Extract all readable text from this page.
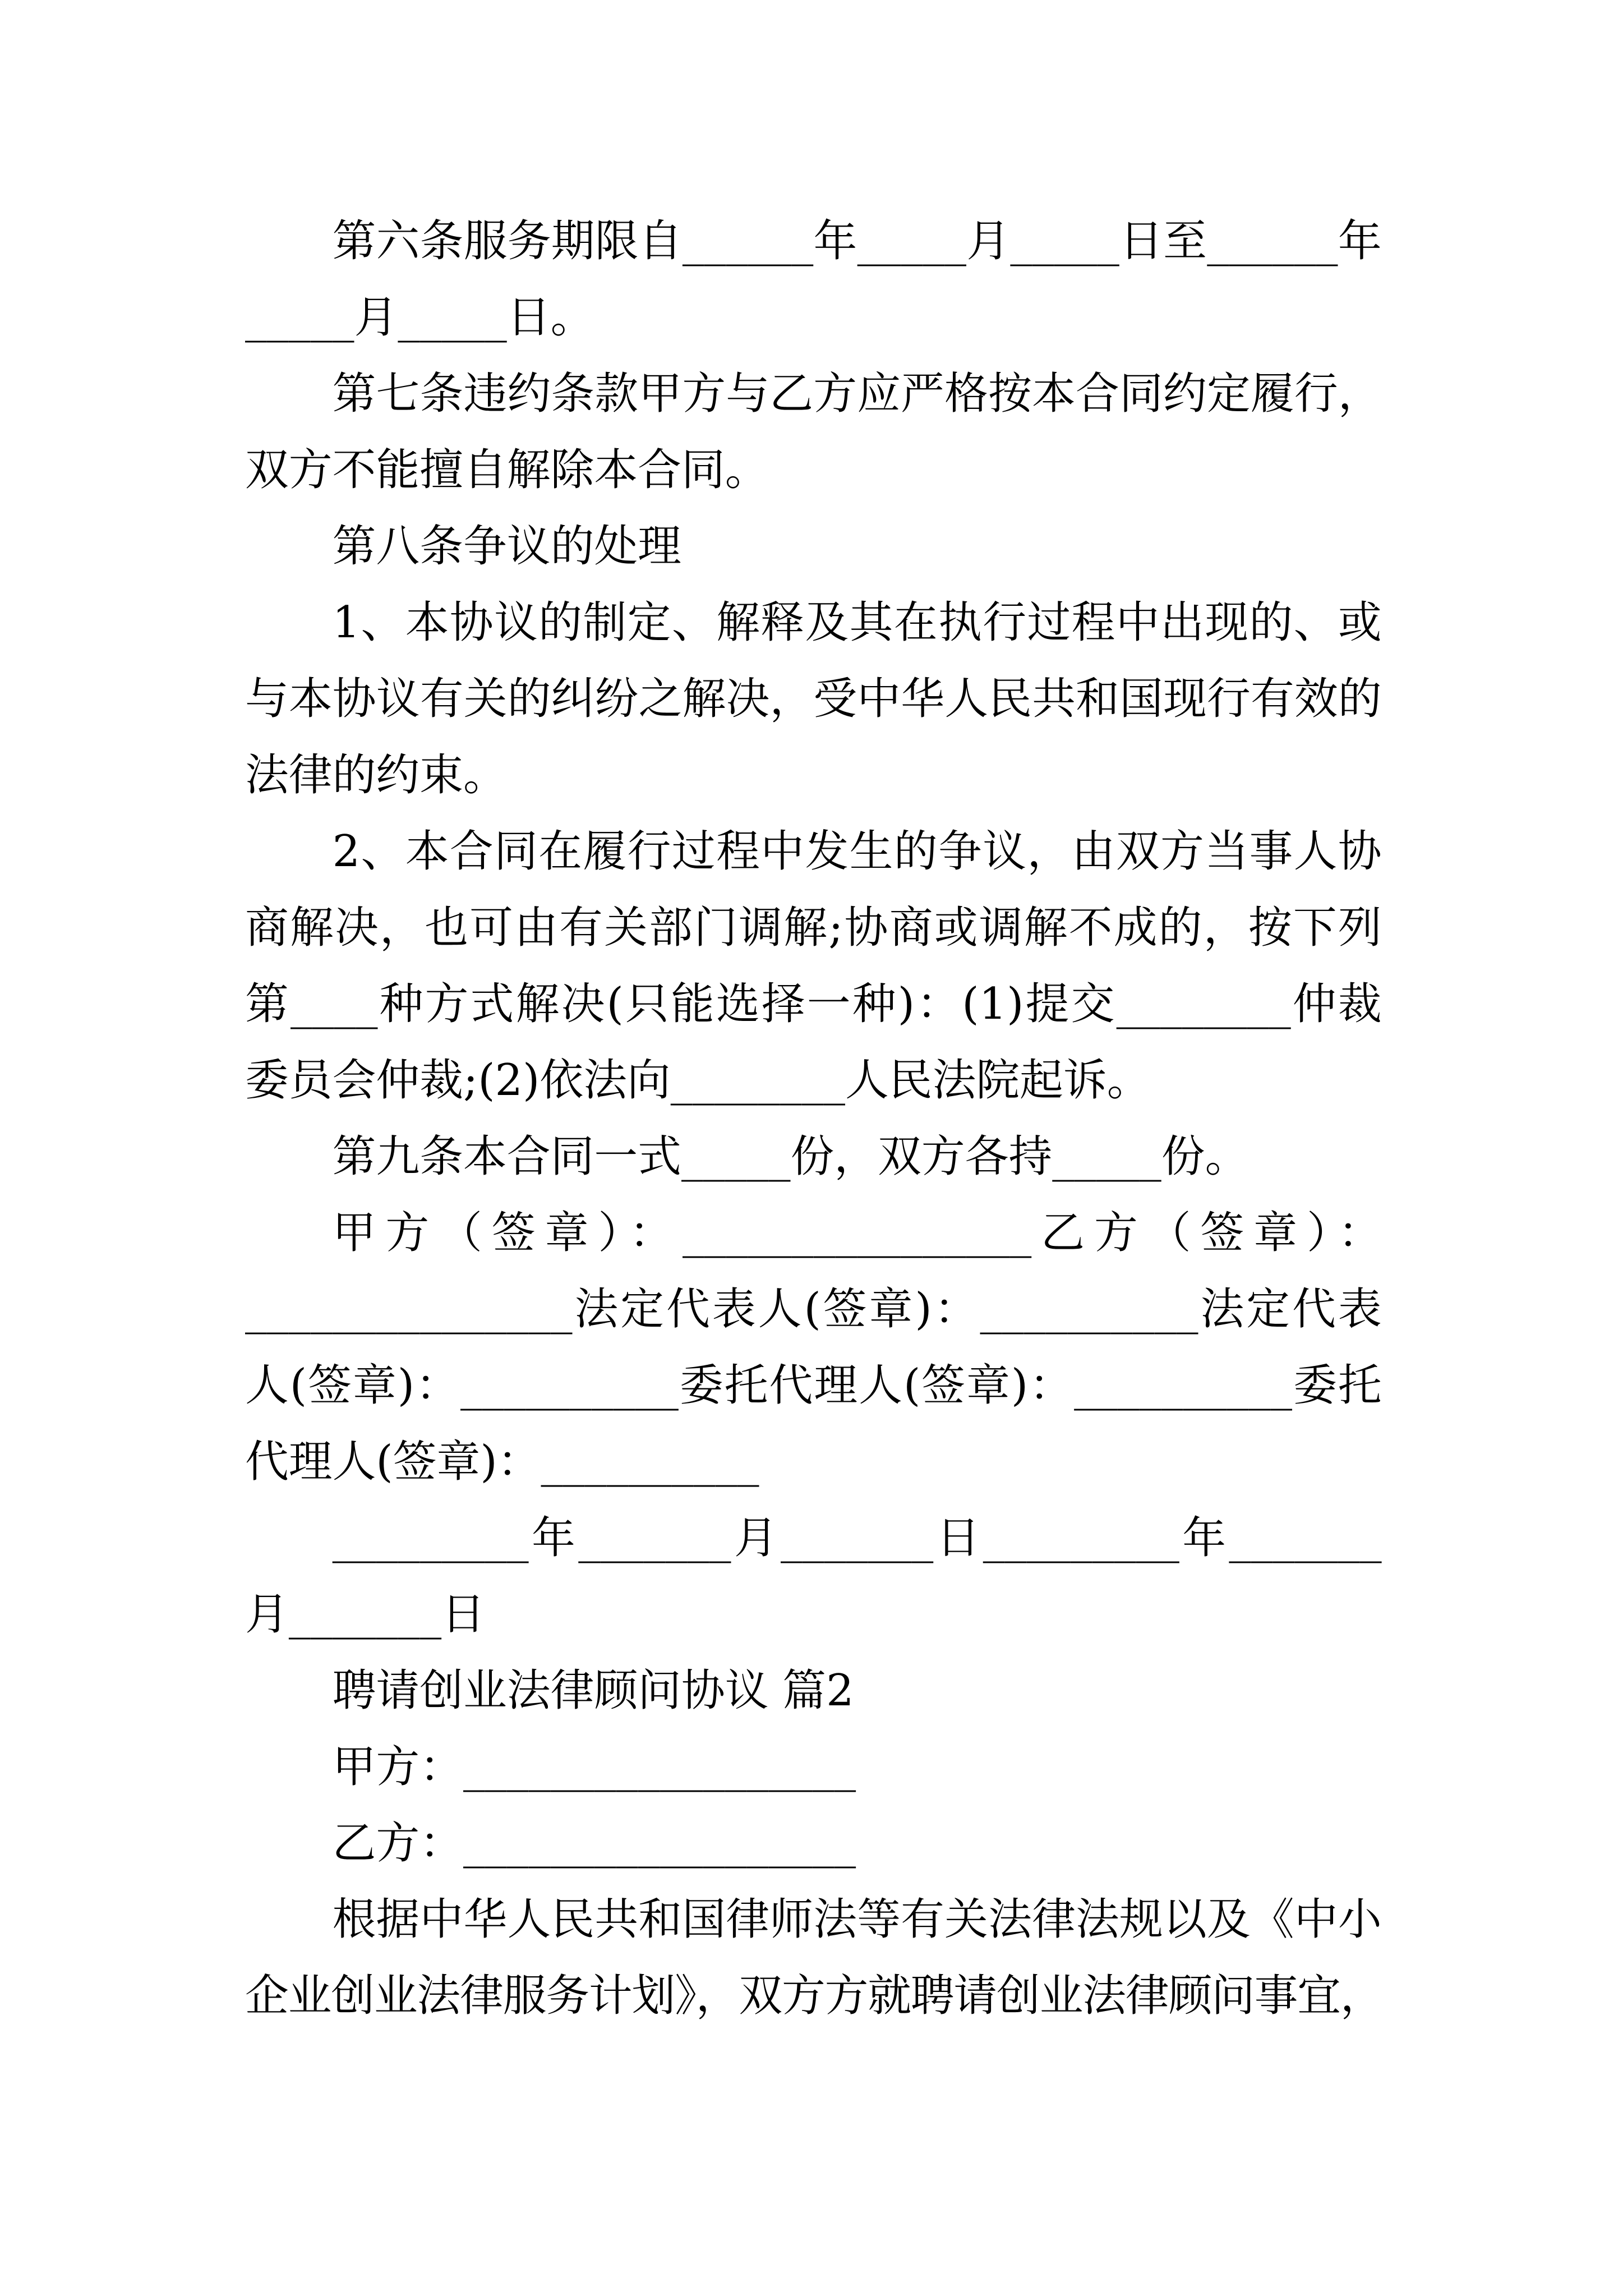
第六条服务期限自______年_____月_____日至______年
_____月_____日。
第七条违约条款甲方与乙方应严格按本合同约定履行，
双方不能擅自解除本合同。
第八条争议的处理
1、本协议的制定、解释及其在执行过程中出现的、或
与本协议有关的纠纷之解决，受中华人民共和国现行有效的
法律的约束。
2、本合同在履行过程中发生的争议，由双方当事人协
商解决，也可由有关部门调解;协商或调解不成的，按下列
第____种方式解决(只能选择一种)：(1)提交________仲裁
委员会仲裁;(2)依法向________人民法院起诉。
第九条本合同一式_____份，双方各持_____份。
甲方（签章）：________________乙方（签章）：
_______________法定代表人(签章)：__________法定代表
人(签章)：__________委托代理人(签章)：__________委托
代理人(签章)：__________
_________年_______月_______日_________年_______
月_______日
聘请创业法律顾问协议 篇2
甲方：__________________
乙方：__________________
根据中华人民共和国律师法等有关法律法规以及《中小
企业创业法律服务计划》，双方方就聘请创业法律顾问事宜，
